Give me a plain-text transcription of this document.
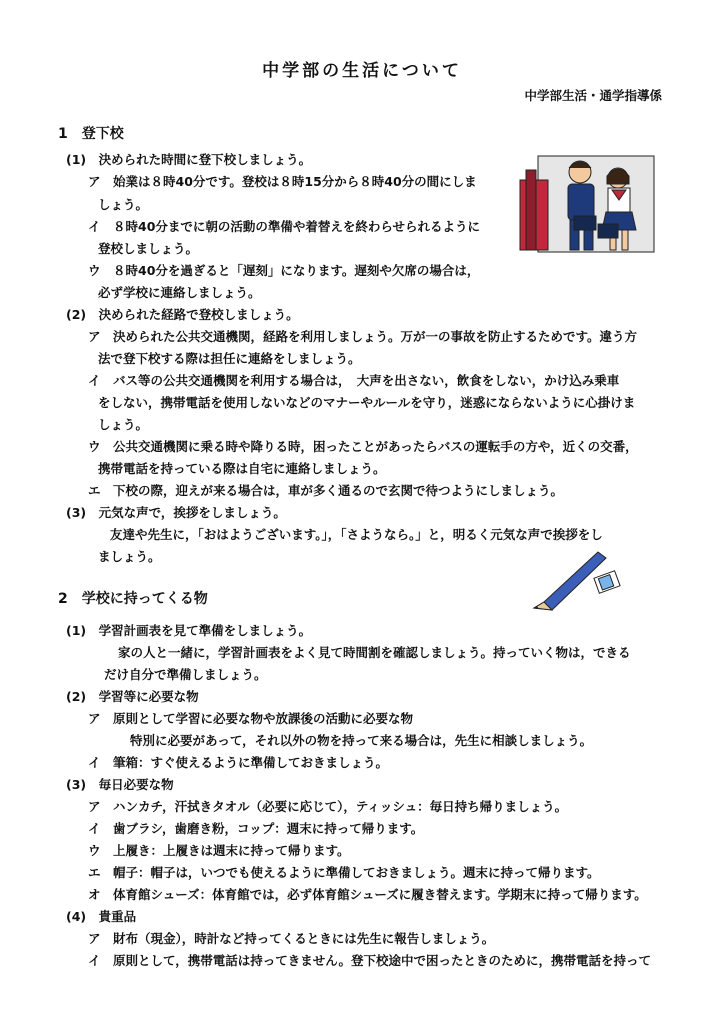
中学部の生活について
中学部生活・通学指導係
1　登下校
(1)　決められた時間に登下校しましょう。
ア　始業は８時40分です。登校は８時15分から８時40分の間にしま
しょう。
イ　８時40分までに朝の活動の準備や着替えを終わらせられるように
登校しましょう。
ウ　８時40分を過ぎると「遅刻」になります。遅刻や欠席の場合は，
必ず学校に連絡しましょう。
(2)　決められた経路で登校しましょう。
ア　決められた公共交通機関，経路を利用しましょう。万が一の事故を防止するためです。違う方
法で登下校する際は担任に連絡をしましょう。
イ　バス等の公共交通機関を利用する場合は，　大声を出さない，飲食をしない，かけ込み乗車
をしない，携帯電話を使用しないなどのマナーやルールを守り，迷惑にならないように心掛けま
しょう。
ウ　公共交通機関に乗る時や降りる時，困ったことがあったらバスの運転手の方や，近くの交番，
携帯電話を持っている際は自宅に連絡しましょう。
エ　下校の際，迎えが来る場合は，車が多く通るので玄関で待つようにしましょう。
(3)　元気な声で，挨拶をしましょう。
友達や先生に，「おはようございます。」，「さようなら。」と，明るく元気な声で挨拶をし
ましょう。
2　学校に持ってくる物
(1)　学習計画表を見て準備をしましょう。
家の人と一緒に，学習計画表をよく見て時間割を確認しましょう。持っていく物は，できる
だけ自分で準備しましょう。
(2)　学習等に必要な物
ア　原則として学習に必要な物や放課後の活動に必要な物
特別に必要があって，それ以外の物を持って来る場合は，先生に相談しましょう。
イ　筆箱：すぐ使えるように準備しておきましょう。
(3)　毎日必要な物
ア　ハンカチ，汗拭きタオル（必要に応じて），ティッシュ：毎日持ち帰りましょう。
イ　歯ブラシ，歯磨き粉，コップ：週末に持って帰ります。
ウ　上履き：上履きは週末に持って帰ります。
エ　帽子：帽子は，いつでも使えるように準備しておきましょう。週末に持って帰ります。
オ　体育館シューズ：体育館では，必ず体育館シューズに履き替えます。学期末に持って帰ります。
(4)　貴重品
ア　財布（現金），時計など持ってくるときには先生に報告しましょう。
イ　原則として，携帯電話は持ってきません。登下校途中で困ったときのために，携帯電話を持って
